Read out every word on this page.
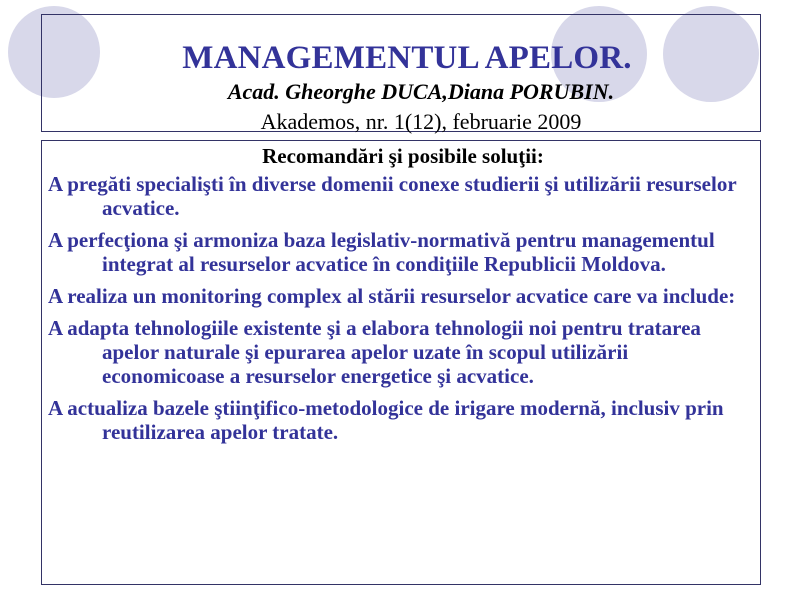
MANAGEMENTUL APELOR.
Acad. Gheorghe DUCA,Diana PORUBIN.
Akademos, nr. 1(12), februarie 2009
Recomandări şi posibile soluţii:
A pregăti specialişti în diverse domenii conexe studierii şi utilizării resurselor acvatice.
A perfecţiona şi armoniza baza legislativ-normativă pentru managementul integrat al resurselor acvatice în condiţiile Republicii Moldova.
A realiza un monitoring complex al stării resurselor acvatice care va include:
A adapta tehnologiile existente şi a elabora tehnologii noi pentru tratarea apelor naturale şi epurarea apelor uzate în scopul utilizării economicoase a resurselor energetice şi acvatice.
A actualiza bazele ştiinţifico-metodologice de irigare modernă, inclusiv prin reutilizarea apelor tratate.
